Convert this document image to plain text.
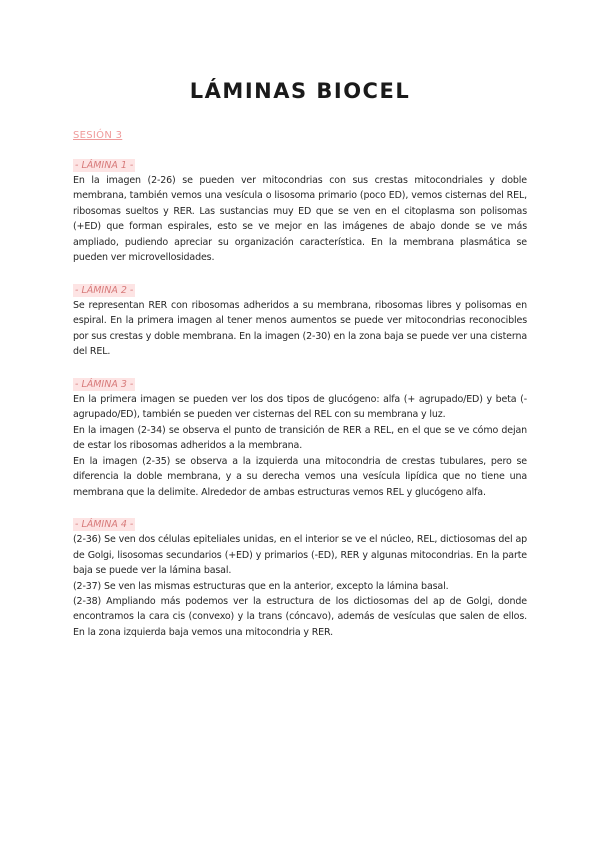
LÁMINAS BIOCEL
SESIÓN 3
- LÁMINA 1 -

En la imagen (2-26) se pueden ver mitocondrias con sus crestas mitocondriales y doble membrana, también vemos una vesícula o lisosoma primario (poco ED), vemos cisternas del REL, ribosomas sueltos y RER. Las sustancias muy ED que se ven en el citoplasma son polisomas (+ED) que forman espirales, esto se ve mejor en las imágenes de abajo donde se ve más ampliado, pudiendo apreciar su organización característica. En la membrana plasmática se pueden ver microvellosidades.

- LÁMINA 2 -

Se representan RER con ribosomas adheridos a su membrana, ribosomas libres y polisomas en espiral. En la primera imagen al tener menos aumentos se puede ver mitocondrias reconocibles por sus crestas y doble membrana. En la imagen (2-30) en la zona baja se puede ver una cisterna del REL.

- LÁMINA 3 -

En la primera imagen se pueden ver los dos tipos de glucógeno: alfa (+ agrupado/ED) y beta (- agrupado/ED), también se pueden ver cisternas del REL con su membrana y luz.

En la imagen (2-34) se observa el punto de transición de RER a REL, en el que se ve cómo dejan de estar los ribosomas adheridos a la membrana.

En la imagen (2-35) se observa a la izquierda una mitocondria de crestas tubulares, pero se diferencia la doble membrana, y a su derecha vemos una vesícula lipídica que no tiene una membrana que la delimite. Alrededor de ambas estructuras vemos REL y glucógeno alfa.

- LÁMINA 4 -

(2-36) Se ven dos células epiteliales unidas, en el interior se ve el núcleo, REL, dictiosomas del ap de Golgi, lisosomas secundarios (+ED) y primarios (-ED), RER y algunas mitocondrias. En la parte baja se puede ver la lámina basal.

(2-37) Se ven las mismas estructuras que en la anterior, excepto la lámina basal.

(2-38) Ampliando más podemos ver la estructura de los dictiosomas del ap de Golgi, donde encontramos la cara cis (convexo) y la trans (cóncavo), además de vesículas que salen de ellos. En la zona izquierda baja vemos una mitocondria y RER.
